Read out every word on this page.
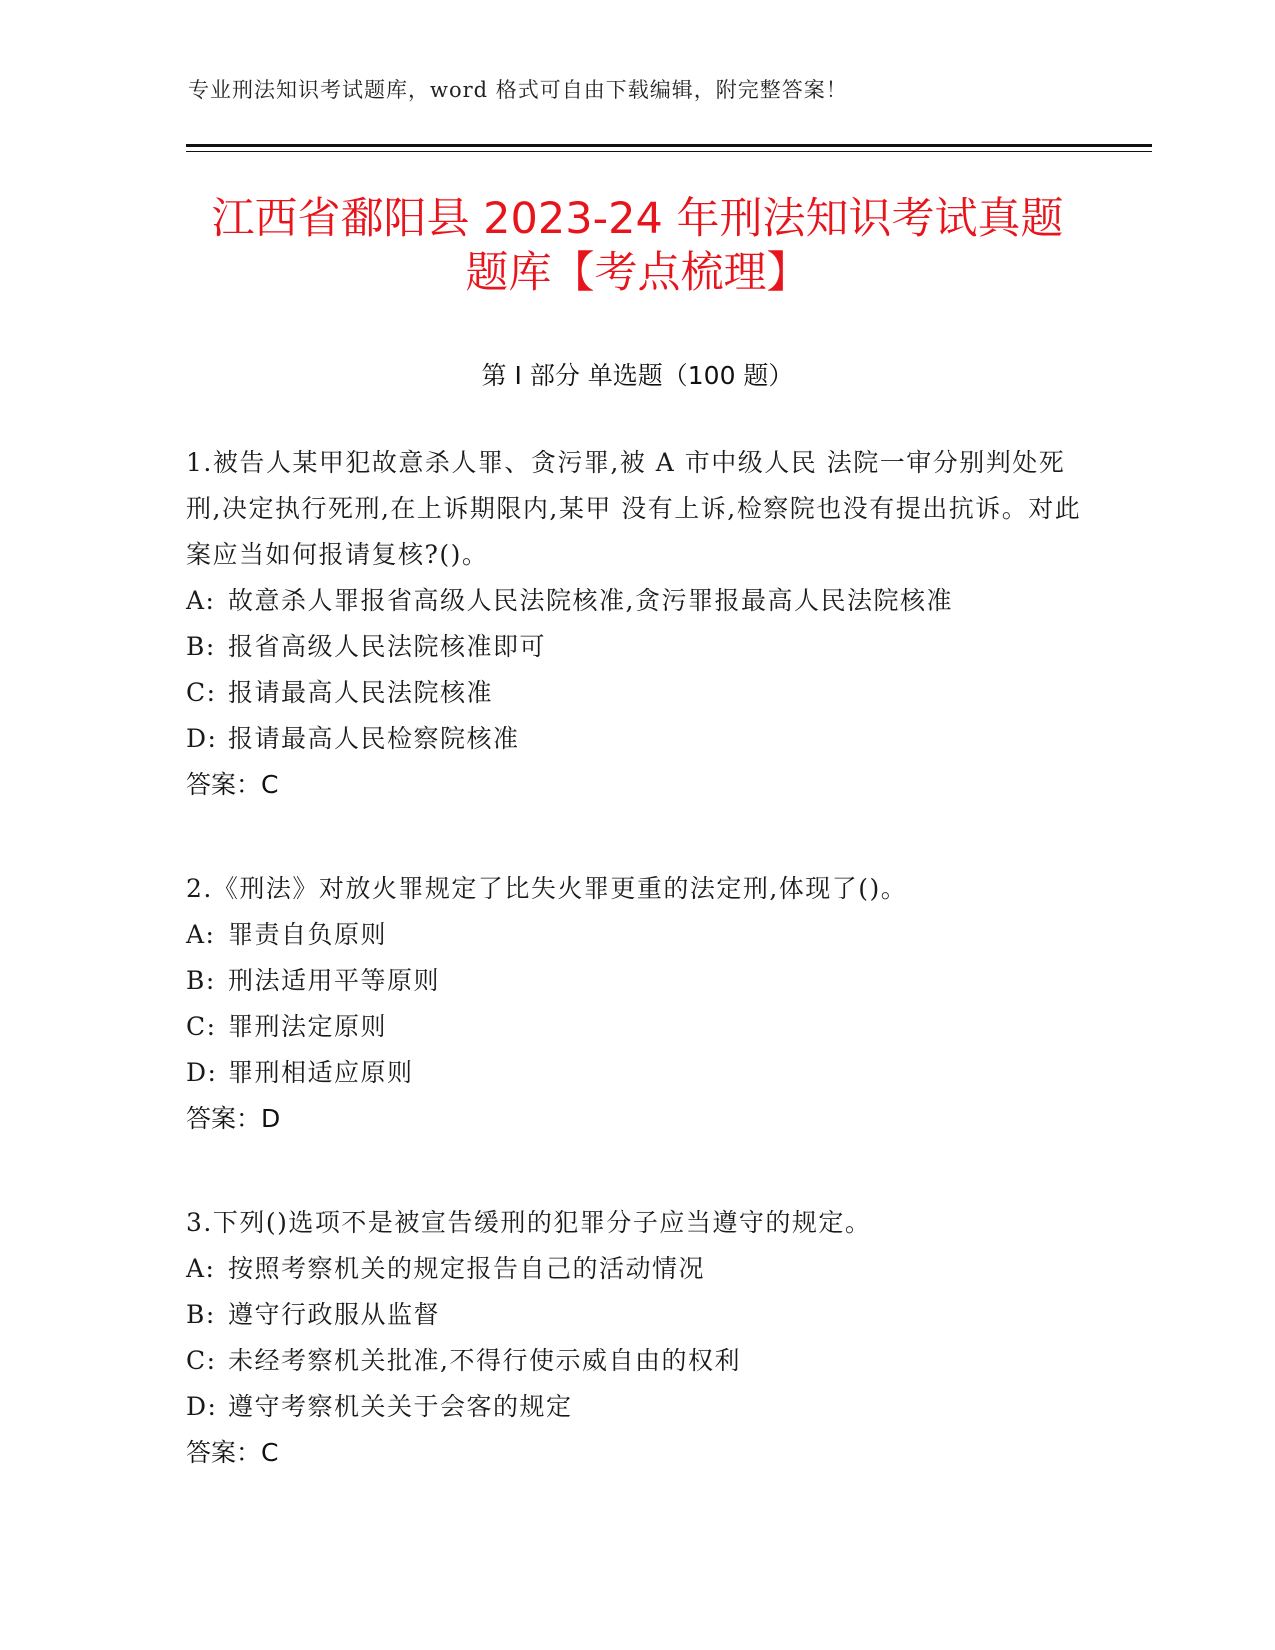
专业刑法知识考试题库，word 格式可自由下载编辑，附完整答案！
江西省鄱阳县 2023-24 年刑法知识考试真题
题库【考点梳理】
第 I 部分 单选题（100 题）

1.被告人某甲犯故意杀人罪、贪污罪,被 A 市中级人民 法院一审分别判处死刑,决定执行死刑,在上诉期限内,某甲 没有上诉,检察院也没有提出抗诉。对此案应当如何报请复核?()。

A: 故意杀人罪报省高级人民法院核准,贪污罪报最高人民法院核准
B: 报省高级人民法院核准即可
C: 报请最高人民法院核准
D: 报请最高人民检察院核准
答案：C

2.《刑法》对放火罪规定了比失火罪更重的法定刑,体现了()。

A: 罪责自负原则
B: 刑法适用平等原则
C: 罪刑法定原则
D: 罪刑相适应原则
答案：D

3.下列()选项不是被宣告缓刑的犯罪分子应当遵守的规定。

A: 按照考察机关的规定报告自己的活动情况
B: 遵守行政服从监督
C: 未经考察机关批准,不得行使示威自由的权利
D: 遵守考察机关关于会客的规定
答案：C
